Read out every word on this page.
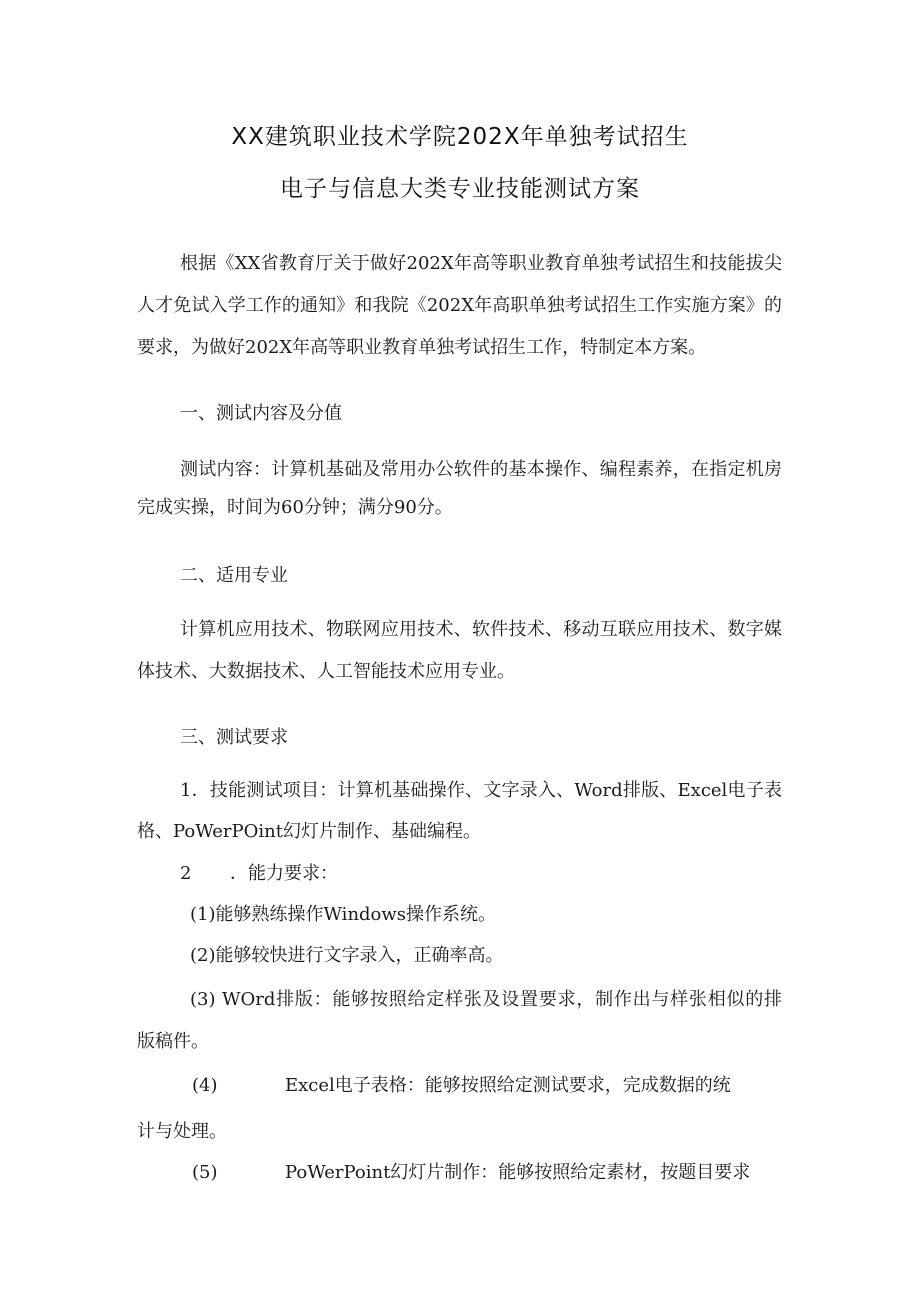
XX建筑职业技术学院202X年单独考试招生
电子与信息大类专业技能测试方案
根据《XX省教育厅关于做好202X年高等职业教育单独考试招生和技能拔尖
人才免试入学工作的通知》和我院《202X年高职单独考试招生工作实施方案》的
要求，为做好202X年高等职业教育单独考试招生工作，特制定本方案。
一、测试内容及分值
测试内容：计算机基础及常用办公软件的基本操作、编程素养，在指定机房
完成实操，时间为60分钟；满分90分。
二、适用专业
计算机应用技术、物联网应用技术、软件技术、移动互联应用技术、数字媒
体技术、大数据技术、人工智能技术应用专业。
三、测试要求
1．技能测试项目：计算机基础操作、文字录入、Word排版、Excel电子表
格、PoWerPOint幻灯片制作、基础编程。
2 ．能力要求：
(1)能够熟练操作Windows操作系统。
(2)能够较快进行文字录入，正确率高。
(3) WOrd排版：能够按照给定样张及设置要求，制作出与样张相似的排
版稿件。
(4)	Excel电子表格：能够按照给定测试要求，完成数据的统
计与处理。
(5)	PoWerPoint幻灯片制作：能够按照给定素材，按题目要求
